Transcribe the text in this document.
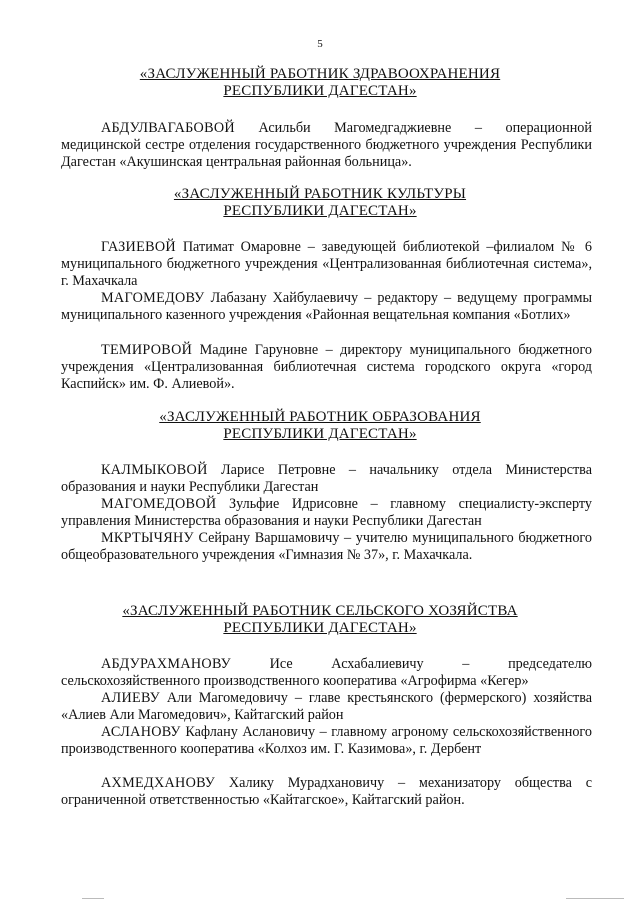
5
«ЗАСЛУЖЕННЫЙ РАБОТНИК ЗДРАВООХРАНЕНИЯ
РЕСПУБЛИКИ ДАГЕСТАН»
АБДУЛВАГАБОВОЙ Асильби Магомедгаджиевне – операционной медицинской сестре отделения государственного бюджетного учреждения Республики Дагестан «Акушинская центральная районная больница».
«ЗАСЛУЖЕННЫЙ РАБОТНИК КУЛЬТУРЫ
РЕСПУБЛИКИ ДАГЕСТАН»
ГАЗИЕВОЙ Патимат Омаровне – заведующей библиотекой –филиалом № 6 муниципального бюджетного учреждения «Централизованная библиотечная система», г. Махачкала
МАГОМЕДОВУ Лабазану Хайбулаевичу – редактору – ведущему программы муниципального казенного учреждения «Районная вещательная компания «Ботлих»
ТЕМИРОВОЙ Мадине Гаруновне – директору муниципального бюджетного учреждения «Централизованная библиотечная система городского округа «город Каспийск» им. Ф. Алиевой».
«ЗАСЛУЖЕННЫЙ РАБОТНИК ОБРАЗОВАНИЯ
РЕСПУБЛИКИ ДАГЕСТАН»
КАЛМЫКОВОЙ Ларисе Петровне – начальнику отдела Министерства образования и науки Республики Дагестан
МАГОМЕДОВОЙ Зульфие Идрисовне – главному специалисту-эксперту управления Министерства образования и науки Республики Дагестан
МКРТЫЧЯНУ Сейрану Варшамовичу – учителю муниципального бюджетного общеобразовательного учреждения «Гимназия № 37», г. Махачкала.
«ЗАСЛУЖЕННЫЙ РАБОТНИК СЕЛЬСКОГО ХОЗЯЙСТВА
РЕСПУБЛИКИ ДАГЕСТАН»
АБДУРАХМАНОВУ	Исе Асхабалиевичу – председателю сельскохозяйственного производственного кооператива «Агрофирма «Кегер»
АЛИЕВУ Али Магомедовичу – главе крестьянского (фермерского) хозяйства «Алиев Али Магомедович», Кайтагский район
АСЛАНОВУ Кафлану Аслановичу – главному агроному сельскохозяйственного производственного кооператива «Колхоз им. Г. Казимова», г. Дербент
АХМЕДХАНОВУ Халику Мурадхановичу – механизатору общества с ограниченной ответственностью «Кайтагское», Кайтагский район.
